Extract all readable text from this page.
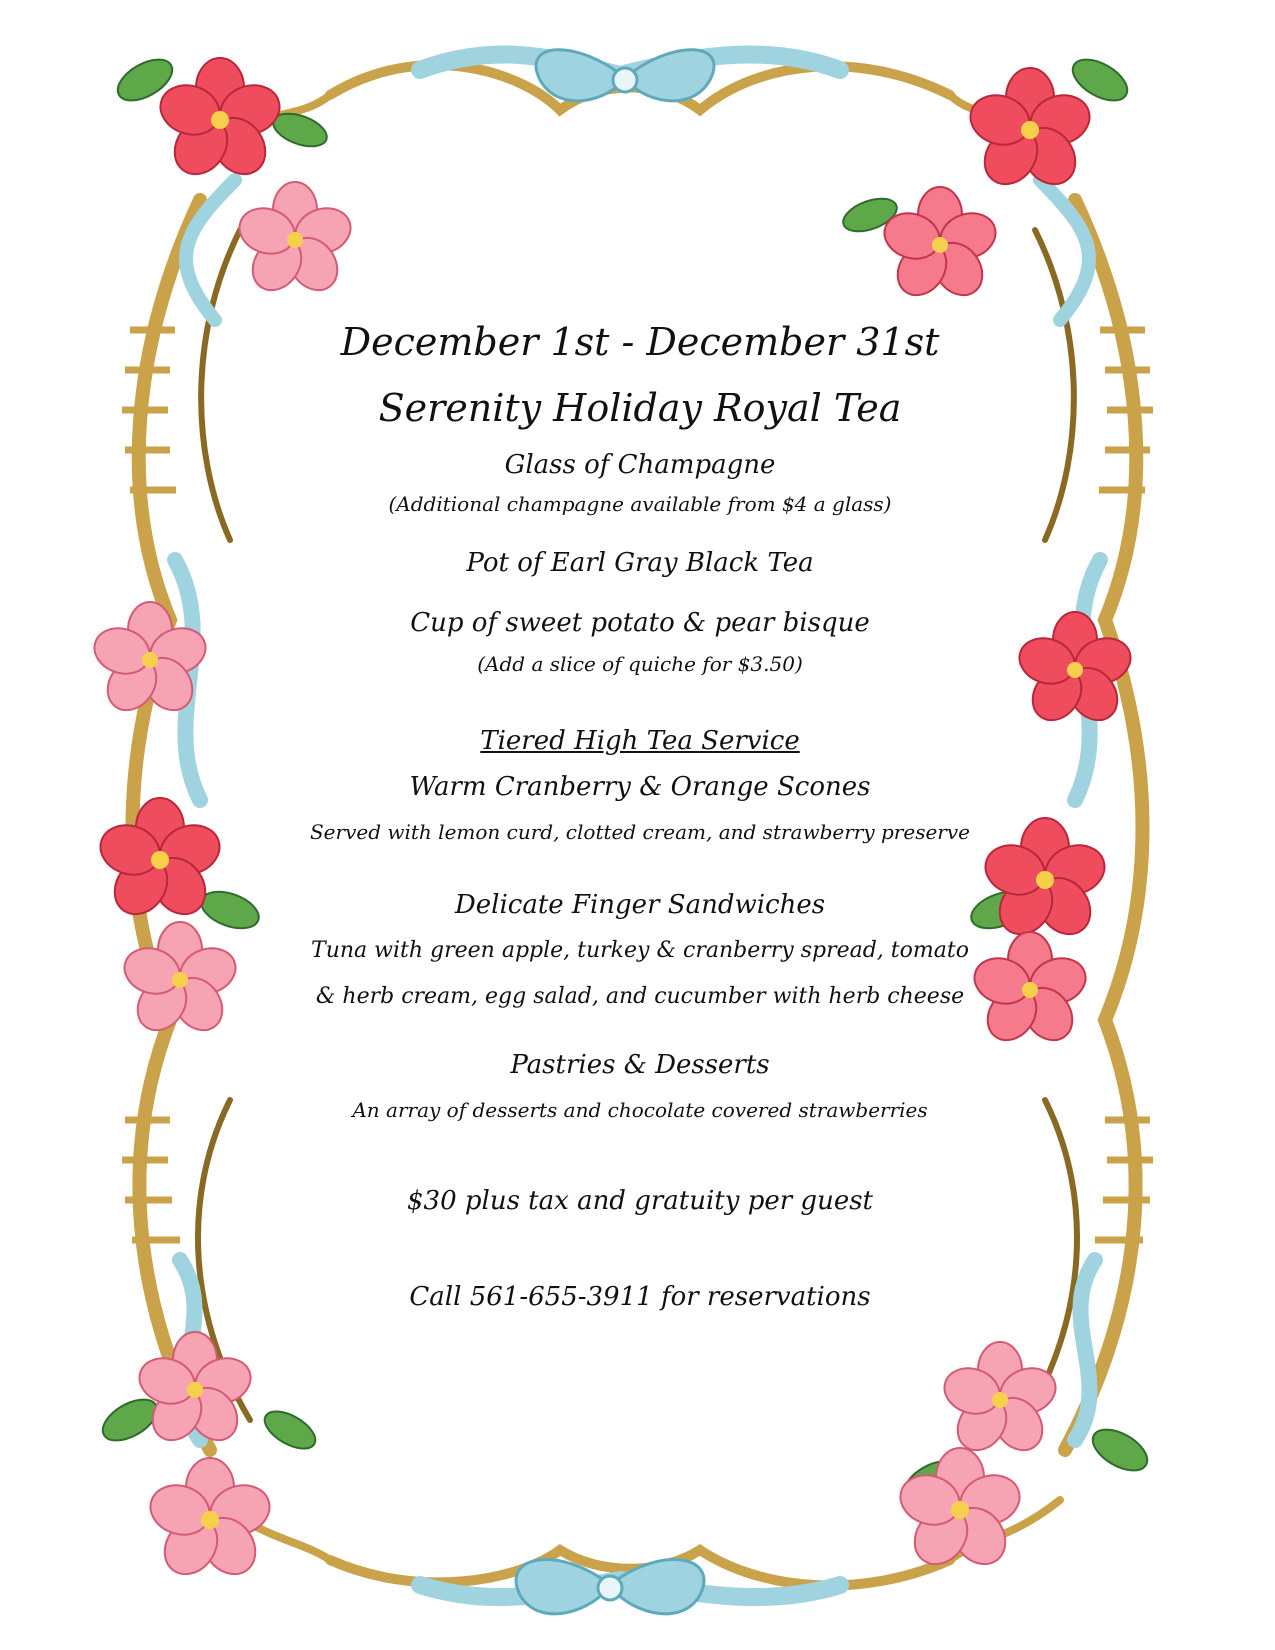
December 1st - December 31st
Serenity Holiday Royal Tea
Glass of Champagne
(Additional champagne available from $4 a glass)
Pot of Earl Gray Black Tea
Cup of sweet potato & pear bisque
(Add a slice of quiche for $3.50)
Tiered High Tea Service
Warm Cranberry & Orange Scones
Served with lemon curd, clotted cream, and strawberry preserve
Delicate Finger Sandwiches
Tuna with green apple, turkey & cranberry spread, tomato
& herb cream, egg salad, and cucumber with herb cheese
Pastries & Desserts
An array of desserts and chocolate covered strawberries
$30 plus tax and gratuity per guest
Call 561-655-3911 for reservations
